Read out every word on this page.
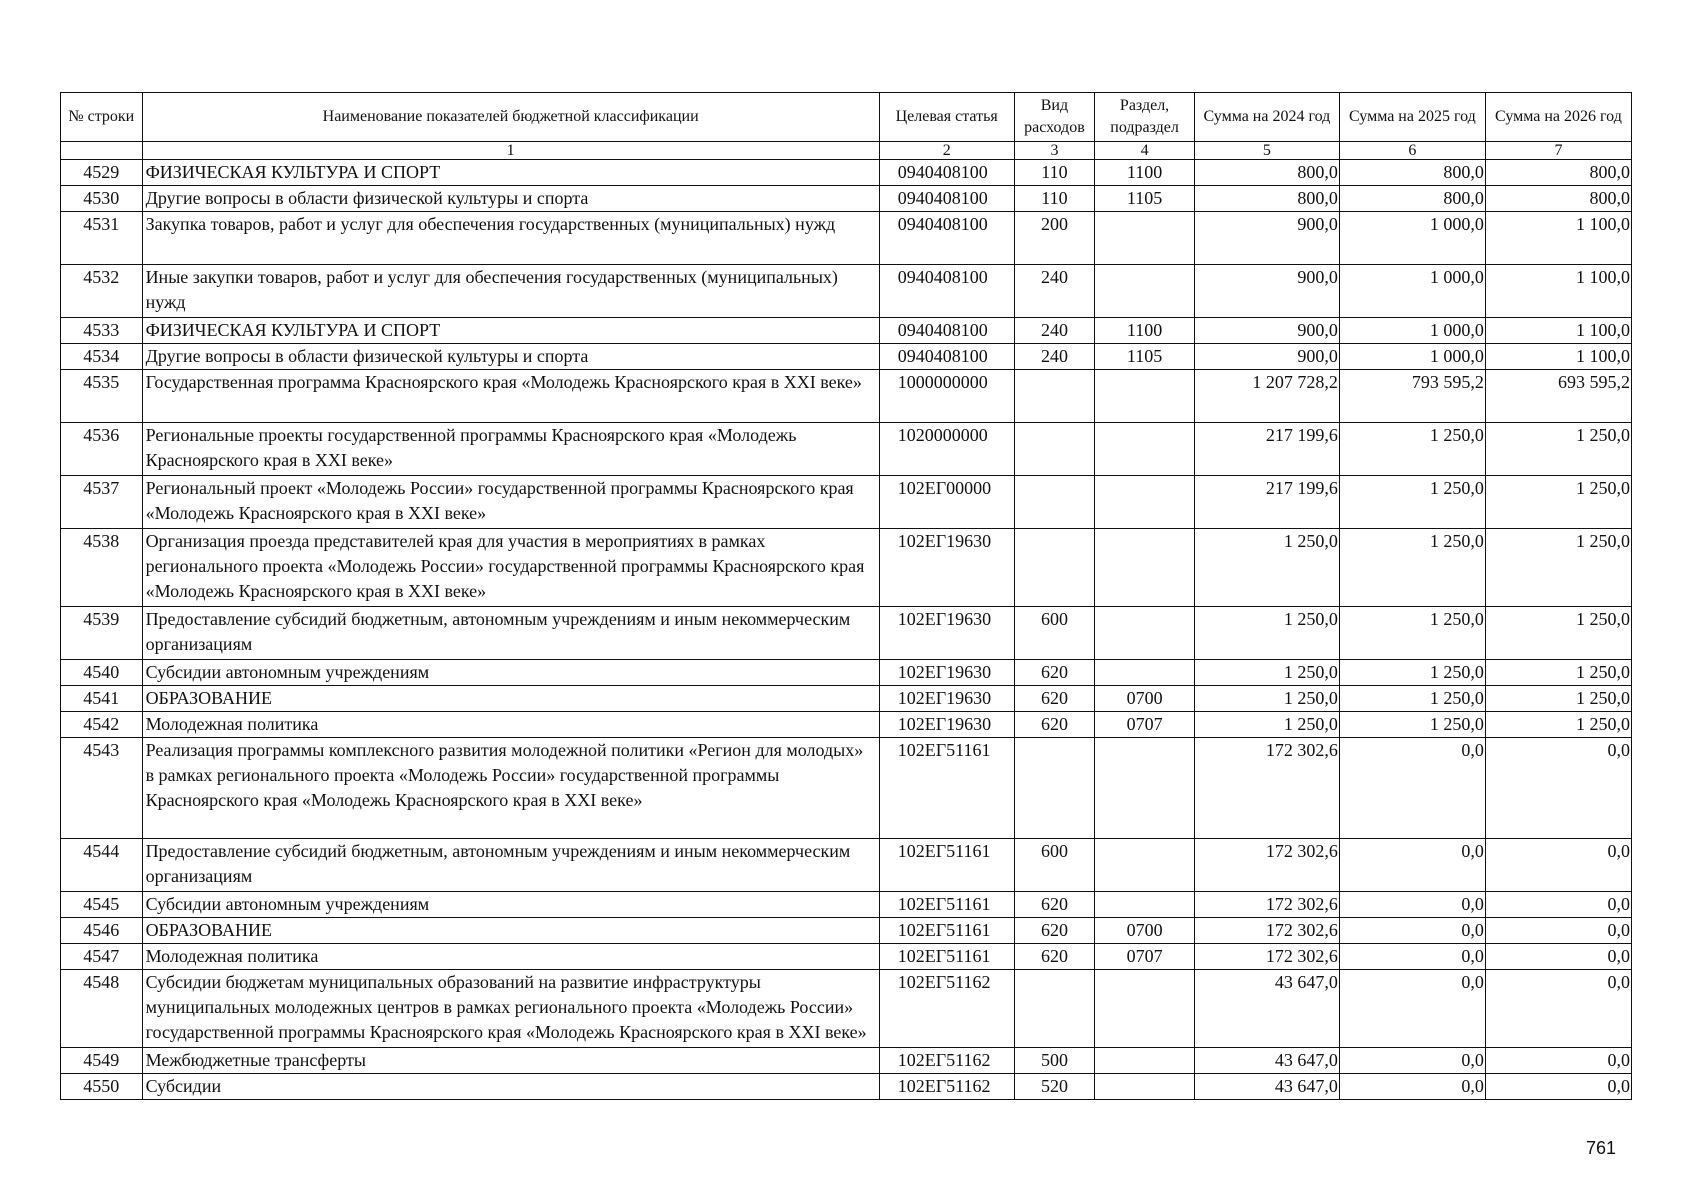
№ строки	Наименование показателей бюджетной классификации	Целевая статья	Вид расходов	Раздел, подраздел	Сумма на 2024 год	Сумма на 2025 год	Сумма на 2026 год
	1	2	3	4	5	6	7
4529	ФИЗИЧЕСКАЯ КУЛЬТУРА И СПОРТ	0940408100	110	1100	800,0	800,0	800,0
4530	Другие вопросы в области физической культуры и спорта	0940408100	110	1105	800,0	800,0	800,0
4531	Закупка товаров, работ и услуг для обеспечения государственных (муниципальных) нужд	0940408100	200		900,0	1 000,0	1 100,0
4532	Иные закупки товаров, работ и услуг для обеспечения государственных (муниципальных) нужд	0940408100	240		900,0	1 000,0	1 100,0
4533	ФИЗИЧЕСКАЯ КУЛЬТУРА И СПОРТ	0940408100	240	1100	900,0	1 000,0	1 100,0
4534	Другие вопросы в области физической культуры и спорта	0940408100	240	1105	900,0	1 000,0	1 100,0
4535	Государственная программа Красноярского края «Молодежь Красноярского края в XXI веке»	1000000000			1 207 728,2	793 595,2	693 595,2
4536	Региональные проекты государственной программы Красноярского края «Молодежь Красноярского края в XXI веке»	1020000000			217 199,6	1 250,0	1 250,0
4537	Региональный проект «Молодежь России» государственной программы Красноярского края «Молодежь Красноярского края в XXI веке»	102ЕГ00000			217 199,6	1 250,0	1 250,0
4538	Организация проезда представителей края для участия в мероприятиях в рамках регионального проекта «Молодежь России» государственной программы Красноярского края «Молодежь Красноярского края в XXI веке»	102ЕГ19630			1 250,0	1 250,0	1 250,0
4539	Предоставление субсидий бюджетным, автономным учреждениям и иным некоммерческим организациям	102ЕГ19630	600		1 250,0	1 250,0	1 250,0
4540	Субсидии автономным учреждениям	102ЕГ19630	620		1 250,0	1 250,0	1 250,0
4541	ОБРАЗОВАНИЕ	102ЕГ19630	620	0700	1 250,0	1 250,0	1 250,0
4542	Молодежная политика	102ЕГ19630	620	0707	1 250,0	1 250,0	1 250,0
4543	Реализация программы комплексного развития молодежной политики «Регион для молодых» в рамках регионального проекта «Молодежь России» государственной программы Красноярского края «Молодежь Красноярского края в XXI веке»	102ЕГ51161			172 302,6	0,0	0,0
4544	Предоставление субсидий бюджетным, автономным учреждениям и иным некоммерческим организациям	102ЕГ51161	600		172 302,6	0,0	0,0
4545	Субсидии автономным учреждениям	102ЕГ51161	620		172 302,6	0,0	0,0
4546	ОБРАЗОВАНИЕ	102ЕГ51161	620	0700	172 302,6	0,0	0,0
4547	Молодежная политика	102ЕГ51161	620	0707	172 302,6	0,0	0,0
4548	Субсидии бюджетам муниципальных образований на развитие инфраструктуры муниципальных молодежных центров в рамках регионального проекта «Молодежь России» государственной программы Красноярского края «Молодежь Красноярского края в XXI веке»	102ЕГ51162			43 647,0	0,0	0,0
4549	Межбюджетные трансферты	102ЕГ51162	500		43 647,0	0,0	0,0
4550	Субсидии	102ЕГ51162	520		43 647,0	0,0	0,0
761
